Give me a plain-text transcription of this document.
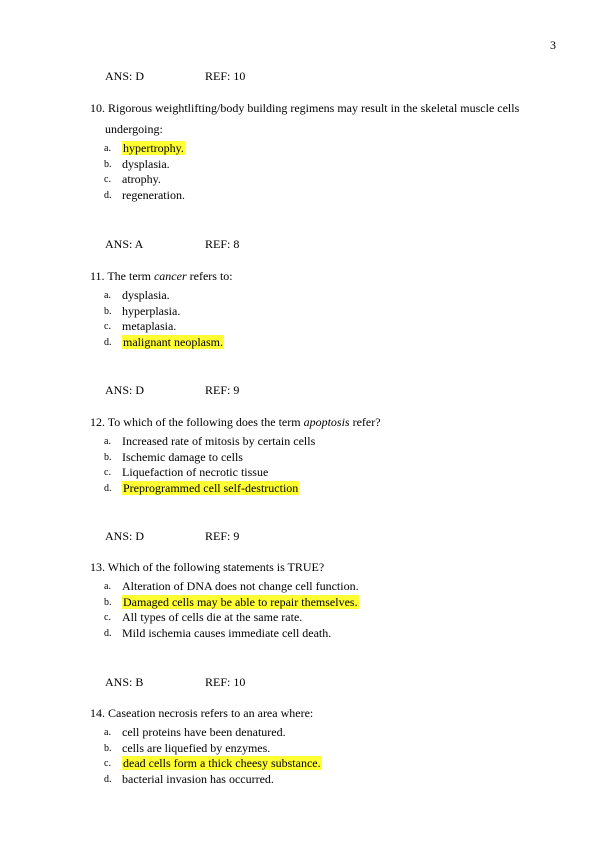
3
ANS: D	REF: 10

10. Rigorous weightlifting/body building regimens may result in the skeletal muscle cells

undergoing:

a. hypertrophy.
b. dysplasia.
c. atrophy.
d. regeneration.
ANS: A	REF: 8

11. The term cancer refers to:

a. dysplasia.
b. hyperplasia.
c. metaplasia.
d. malignant neoplasm.
ANS: D	REF: 9

12. To which of the following does the term apoptosis refer?

a. Increased rate of mitosis by certain cells
b. Ischemic damage to cells
c. Liquefaction of necrotic tissue
d. Preprogrammed cell self-destruction
ANS: D	REF: 9

13. Which of the following statements is TRUE?

a. Alteration of DNA does not change cell function.
b. Damaged cells may be able to repair themselves.
c. All types of cells die at the same rate.
d. Mild ischemia causes immediate cell death.
ANS: B	REF: 10

14. Caseation necrosis refers to an area where:

a. cell proteins have been denatured.
b. cells are liquefied by enzymes.
c. dead cells form a thick cheesy substance.
d. bacterial invasion has occurred.
